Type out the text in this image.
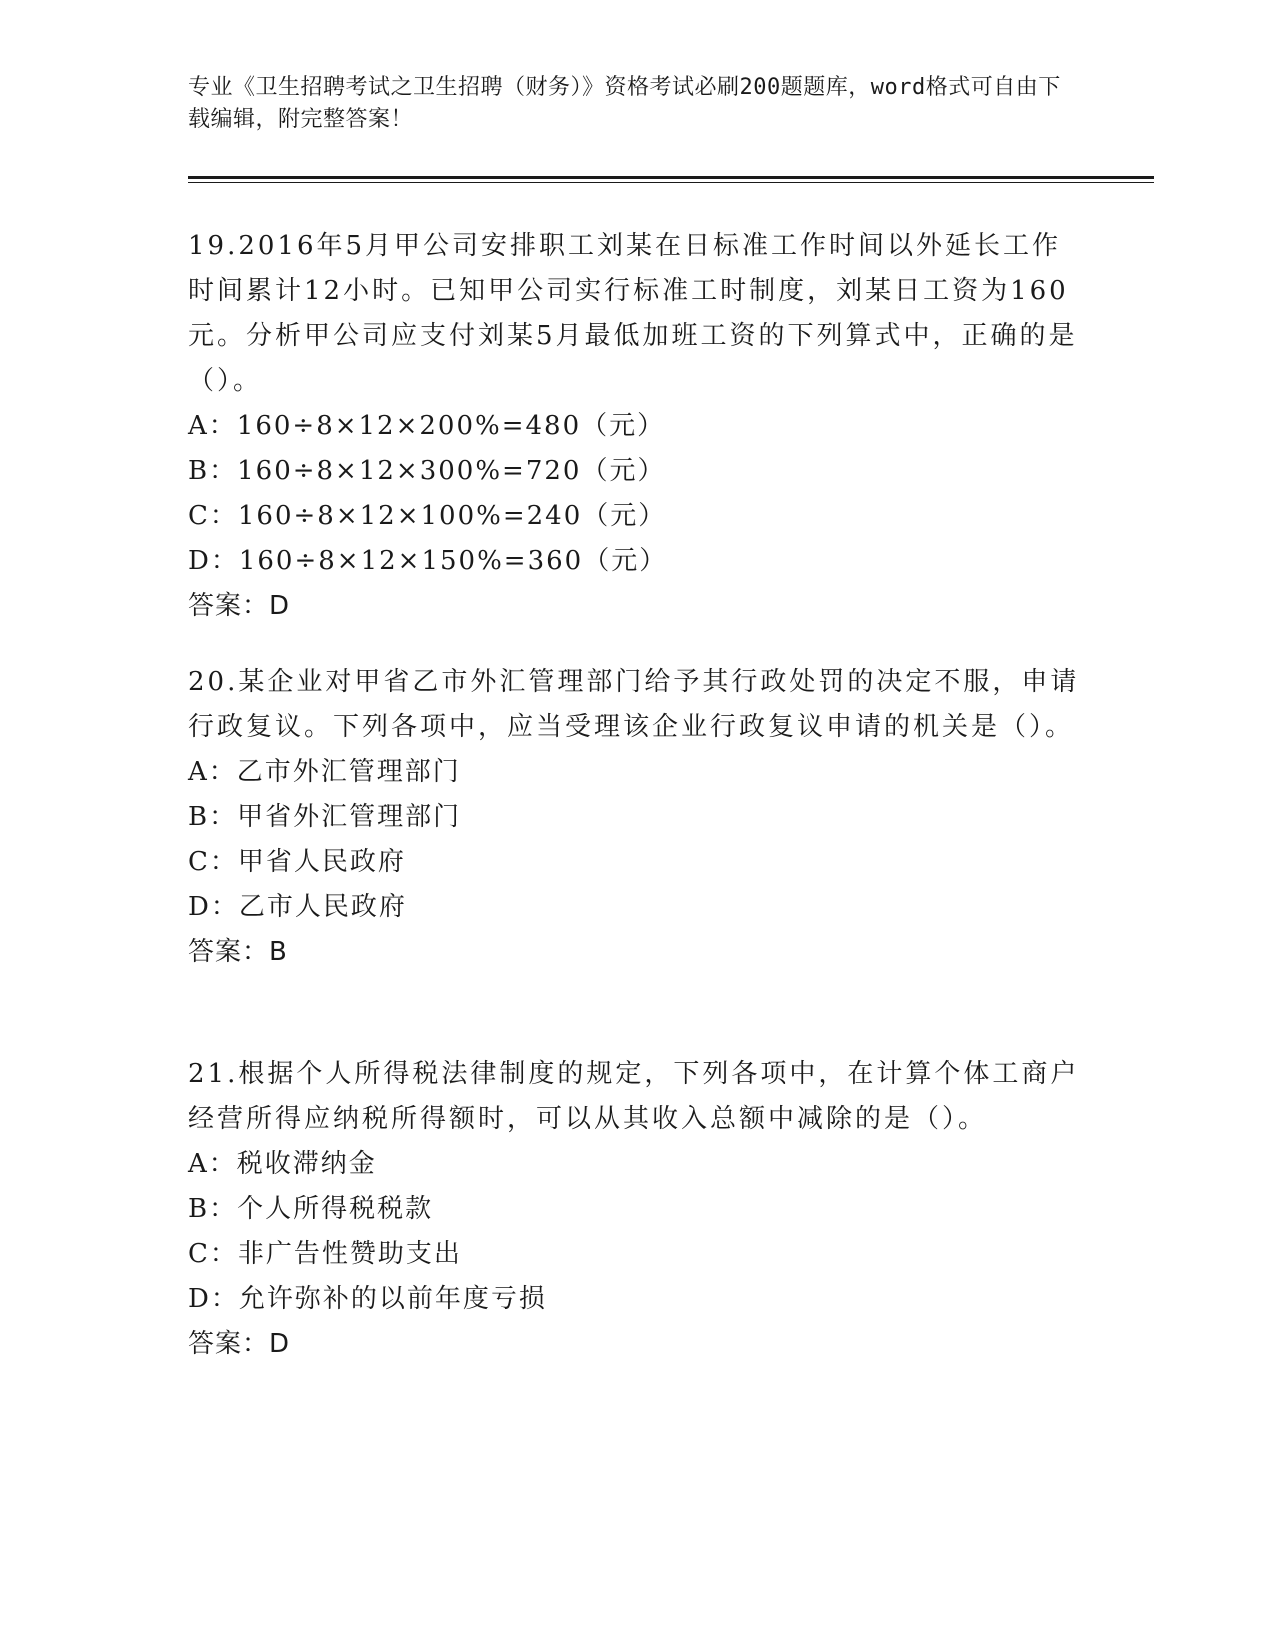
专业《卫生招聘考试之卫生招聘（财务）》资格考试必刷200题题库，word格式可自由下载编辑，附完整答案！

19.2016年5月甲公司安排职工刘某在日标准工作时间以外延长工作时间累计12小时。已知甲公司实行标准工时制度，刘某日工资为160元。分析甲公司应支付刘某5月最低加班工资的下列算式中，正确的是（）。

A：160÷8×12×200%=480（元）

B：160÷8×12×300%=720（元）

C：160÷8×12×100%=240（元）

D：160÷8×12×150%=360（元）

答案：D

20.某企业对甲省乙市外汇管理部门给予其行政处罚的决定不服，申请行政复议。下列各项中，应当受理该企业行政复议申请的机关是（）。

A：乙市外汇管理部门

B：甲省外汇管理部门

C：甲省人民政府

D：乙市人民政府

答案：B

21.根据个人所得税法律制度的规定，下列各项中，在计算个体工商户经营所得应纳税所得额时，可以从其收入总额中减除的是（）。

A：税收滞纳金

B：个人所得税税款

C：非广告性赞助支出

D：允许弥补的以前年度亏损

答案：D
